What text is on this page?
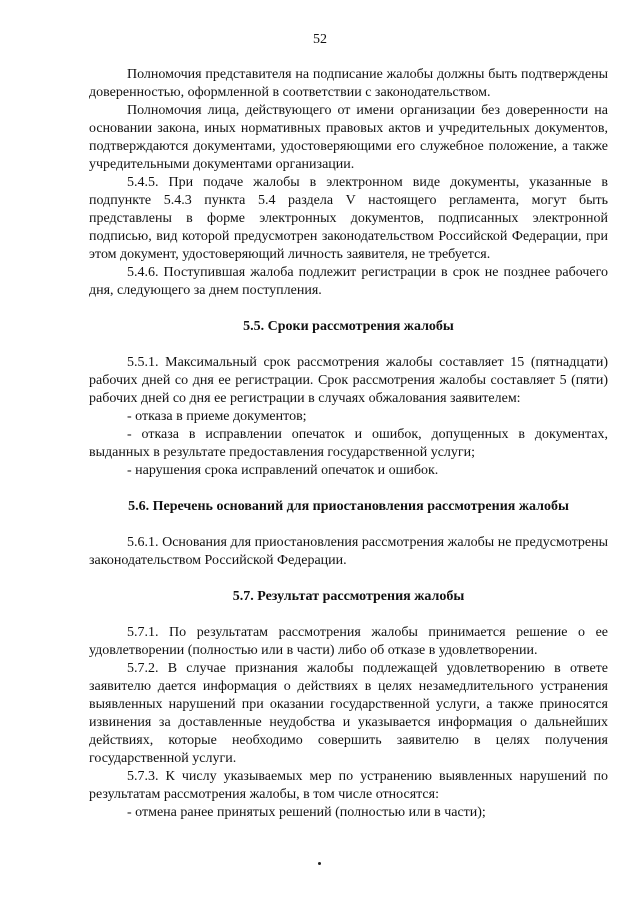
52

Полномочия представителя на подписание жалобы должны быть подтверждены доверенностью, оформленной в соответствии с законодательством.

Полномочия лица, действующего от имени организации без доверенности на основании закона, иных нормативных правовых актов и учредительных документов, подтверждаются документами, удостоверяющими его служебное положение, а также учредительными документами организации.

5.4.5. При подаче жалобы в электронном виде документы, указанные в подпункте 5.4.3 пункта 5.4 раздела V настоящего регламента, могут быть представлены в форме электронных документов, подписанных электронной подписью, вид которой предусмотрен законодательством Российской Федерации, при этом документ, удостоверяющий личность заявителя, не требуется.

5.4.6. Поступившая жалоба подлежит регистрации в срок не позднее рабочего дня, следующего за днем поступления.

5.5. Сроки рассмотрения жалобы

5.5.1. Максимальный срок рассмотрения жалобы составляет 15 (пятнадцати) рабочих дней со дня ее регистрации. Срок рассмотрения жалобы составляет 5 (пяти) рабочих дней со дня ее регистрации в случаях обжалования заявителем:

- отказа в приеме документов;

- отказа в исправлении опечаток и ошибок, допущенных в документах, выданных в результате предоставления государственной услуги;

- нарушения срока исправлений опечаток и ошибок.

5.6. Перечень оснований для приостановления рассмотрения жалобы

5.6.1. Основания для приостановления рассмотрения жалобы не предусмотрены законодательством Российской Федерации.

5.7. Результат рассмотрения жалобы

5.7.1. По результатам рассмотрения жалобы принимается решение о ее удовлетворении (полностью или в части) либо об отказе в удовлетворении.

5.7.2. В случае признания жалобы подлежащей удовлетворению в ответе заявителю дается информация о действиях в целях незамедлительного устранения выявленных нарушений при оказании государственной услуги, а также приносятся извинения за доставленные неудобства и указывается информация о дальнейших действиях, которые необходимо совершить заявителю в целях получения государственной услуги.

5.7.3. К числу указываемых мер по устранению выявленных нарушений по результатам рассмотрения жалобы, в том числе относятся:

- отмена ранее принятых решений (полностью или в части);
